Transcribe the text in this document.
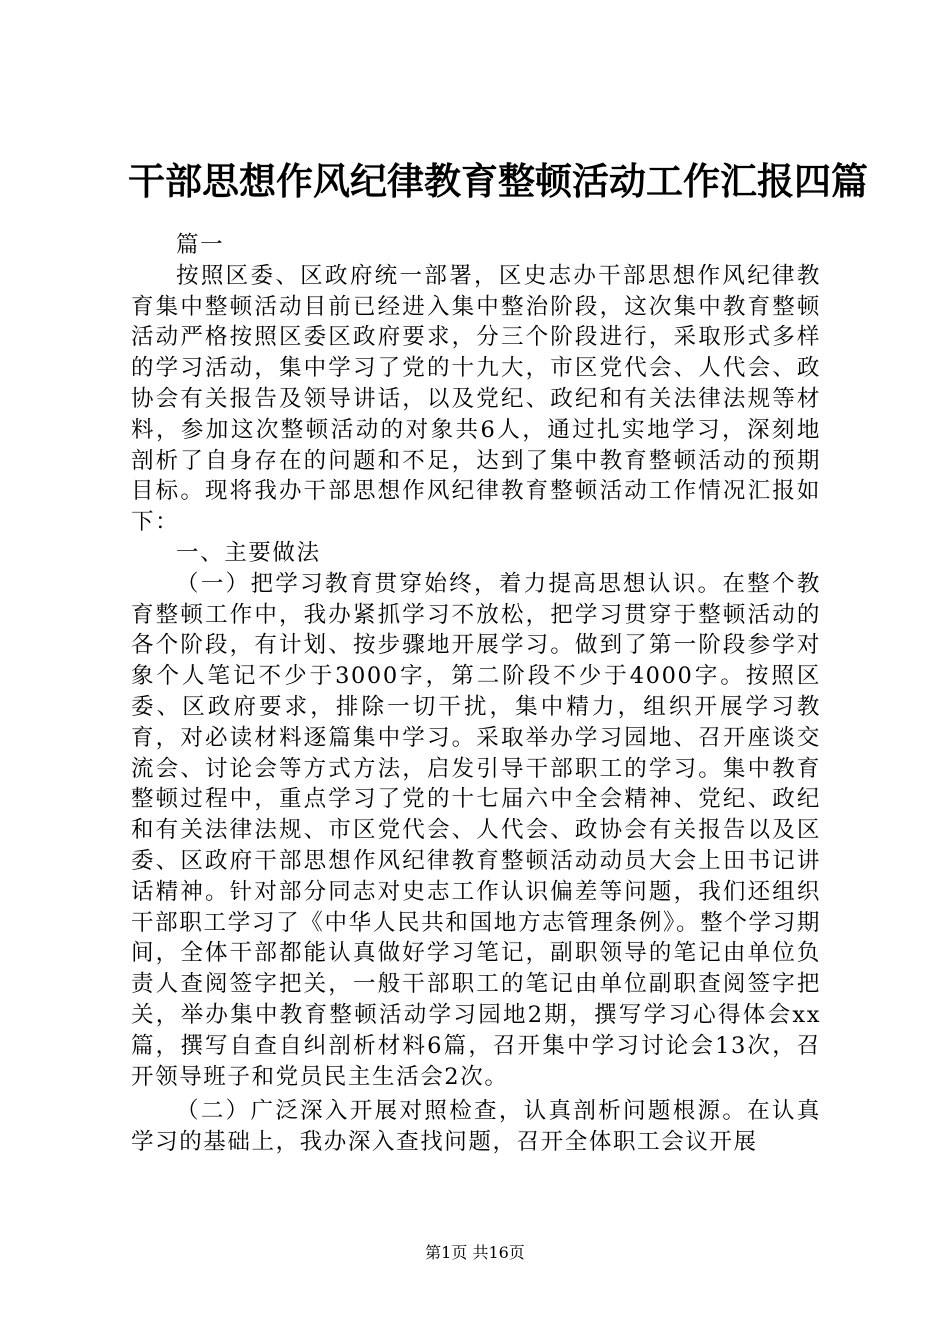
干部思想作风纪律教育整顿活动工作汇报四篇

篇一

按照区委、区政府统一部署，区史志办干部思想作风纪律教育集中整顿活动目前已经进入集中整治阶段，这次集中教育整顿活动严格按照区委区政府要求，分三个阶段进行，采取形式多样的学习活动，集中学习了党的十九大，市区党代会、人代会、政协会有关报告及领导讲话，以及党纪、政纪和有关法律法规等材料，参加这次整顿活动的对象共6人，通过扎实地学习，深刻地剖析了自身存在的问题和不足，达到了集中教育整顿活动的预期目标。现将我办干部思想作风纪律教育整顿活动工作情况汇报如下：

一、主要做法

（一）把学习教育贯穿始终，着力提高思想认识。在整个教育整顿工作中，我办紧抓学习不放松，把学习贯穿于整顿活动的各个阶段，有计划、按步骤地开展学习。做到了第一阶段参学对象个人笔记不少于3000字，第二阶段不少于4000字。按照区委、区政府要求，排除一切干扰，集中精力，组织开展学习教育，对必读材料逐篇集中学习。采取举办学习园地、召开座谈交流会、讨论会等方式方法，启发引导干部职工的学习。集中教育整顿过程中，重点学习了党的十七届六中全会精神、党纪、政纪和有关法律法规、市区党代会、人代会、政协会有关报告以及区委、区政府干部思想作风纪律教育整顿活动动员大会上田书记讲话精神。针对部分同志对史志工作认识偏差等问题，我们还组织干部职工学习了《中华人民共和国地方志管理条例》。整个学习期间，全体干部都能认真做好学习笔记，副职领导的笔记由单位负责人查阅签字把关，一般干部职工的笔记由单位副职查阅签字把关，举办集中教育整顿活动学习园地2期，撰写学习心得体会xx篇，撰写自查自纠剖析材料6篇，召开集中学习讨论会13次，召开领导班子和党员民主生活会2次。

（二）广泛深入开展对照检查，认真剖析问题根源。在认真学习的基础上，我办深入查找问题，召开全体职工会议开展

第1页 共16页
